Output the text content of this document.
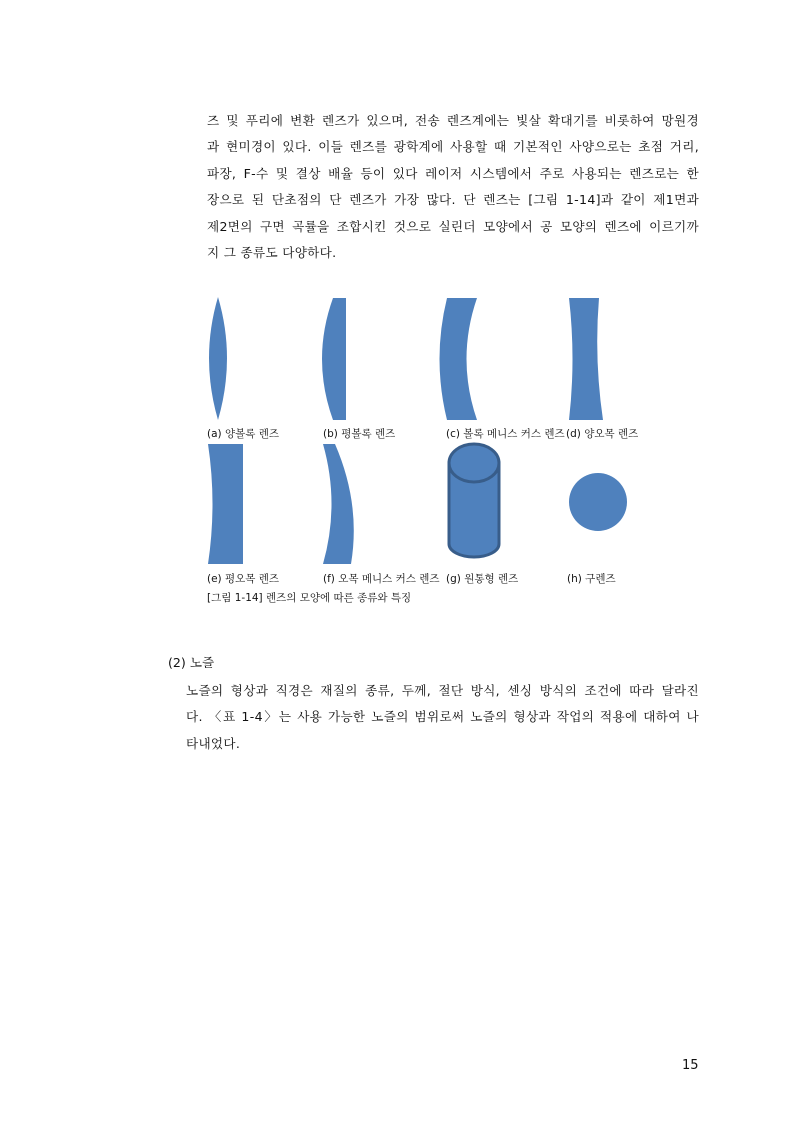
즈 및 푸리에 변환 렌즈가 있으며, 전송 렌즈계에는 빛살 확대기를 비롯하여 망원경
과 현미경이 있다. 이들 렌즈를 광학계에 사용할 때 기본적인 사양으로는 초점 거리,
파장, F-수 및 결상 배율 등이 있다 레이저 시스템에서 주로 사용되는 렌즈로는 한
장으로 된 단초점의 단 렌즈가 가장 많다. 단 렌즈는 [그림 1-14]과 같이 제1면과
제2면의 구면 곡률을 조합시킨 것으로 실린더 모양에서 공 모양의 렌즈에 이르기까
지 그 종류도 다양하다.
(a) 양볼록 렌즈	(b) 평볼록 렌즈	(c) 볼록 메니스 커스 렌즈 (d) 양오목 렌즈
(e) 평오목 렌즈	(f) 오목 메니스 커스 렌즈 (g) 원통형 렌즈	(h) 구렌즈
[그림 1-14] 렌즈의 모양에 따른 종류와 특징
(2) 노즐
노즐의 형상과 직경은 재질의 종류, 두께, 절단 방식, 센싱 방식의 조건에 따라 달라진
다. 〈표 1-4〉는 사용 가능한 노즐의 범위로써 노즐의 형상과 작업의 적용에 대하여 나
타내었다.
15
